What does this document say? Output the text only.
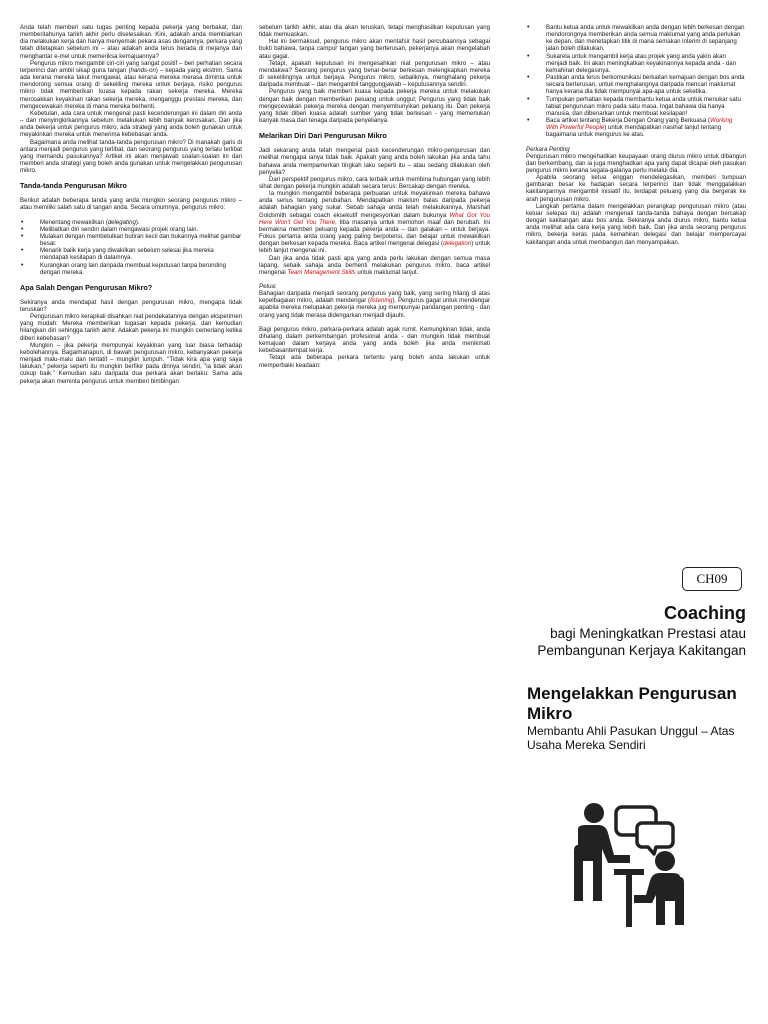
Anda telah memberi satu tugas penting kepada pekerja yang berbakat, dan memberitahunya tarikh akhir perlu diselesaikan. Kini, adakah anda membiarkan dia melakukan kerja dan hanya menyemak pekara asas dengannya, perkara yang telah ditetapkan sebelum ini – atau adakah anda terus berada di mejanya dan menghantar e-mel untuk memeriksa kemajuannya?

Pengurus mikro mengambil ciri-ciri yang sangat positif – beri perhatian secara terperinci dan ambil sikap guna tangan (hands-on) – kepada yang ekstrim. Sama ada kerana mereka takut mengawal, atau kerana mereka merasa diminta untuk mendorong semua orang di sekeliling mereka untuk berjaya, risiko pengurus mikro tidak memberikan kuasa kepada rakan sekerja mereka. Mereka merosakkan keyakinan rakan sekerja mereka, menganggu prestasi mereka, dan mengecewakan mereka di mana mereka berhenti.

Kebetulan, ada cara untuk mengenal pasti kecenderungan ini dalam diri anda – dan menyingkirkannya sebelum melakukan lebih banyak kerosakan. Dan jika anda bekerja untuk pengurus mikro, ada strategi yang anda boleh gunakan untuk meyakinkan mereka untuk menerima kebebasan anda.

Bagaimana anda melihat tanda-tanda pengurusan mikro? Di manakah garis di antara menjadi pengurus yang terlibat, dan seorang pengurus yang terlalu terlibat yang memandu pasukannya? Artikel ini akan menjawab soalan-soalan ini dan memberi anda strategi yang boleh anda gunakan untuk mengelakkan pengurusan mikro.

Tanda-tanda Pengurusan Mikro

Berikut adalah beberapa tanda yang anda mungkin seorang pengurus mikro – atau memiliki salah satu di tangan anda. Secara umumnya, pengurus mikro:

• Menentang mewakilkan (delegating).
• Melibatkan diri sendiri dalam mengawasi projek orang lain.
• Mulakan dengan membetulkan butiran kecil dan bukannya melihat gambar besar.
• Menarik balik kerja yang diwakilkan sebelum selesai jika mereka mendapati kesilapan di dalamnya.
• Kurangkan orang lain daripada membuat keputusan tanpa berunding dengan mereka.
Apa Salah Dengan Pengurusan Mikro?

Sekiranya anda mendapat hasil dengan pengurusan mikro, mengapa tidak teruskan?

Pengurusan mikro kerapkali disahkan niat pendekatannya dengan eksperimen yang mudah: Mereka memberikan tugasan kepada pekerja, dan kemudian hilangkan diri sehingga tarikh akhir. Adakah pekerja ini mungkin cemerlang ketika diberi kebebasan?

Mungkin – jika pekerja mempunyai keyakinan yang luar biasa terhadap kebolehannya. Bagaimanapun, di bawah pengurusan mikro, kebanyakan pekerja menjadi malu-malu dan tentatif – mungkin lumpuh. "Tidak kira apa yang saya lakukan," pekerja seperti itu mungkin berfikir pada dirinya sendiri, "ia tidak akan cukup baik." Kemudian satu daripada dua perkara akan berlaku: Sama ada pekerja akan meminta pengurus untuk memberi bimbingan

sebelum tarikh akhir, atau dia akan teruskan, tetapi menghasilkan keputusan yang tidak memuaskan.

Hal ini bermaksud, pengurus mikro akan mentafsir hasil percubaannya sebagai bukti bahawa, tanpa campur tangan yang berterusan, pekerjanya akan mengelabah atau gagal.

Tetapi, apakah keputusan ini mengesahkan niat pengurusan mikro – atau mendakwa? Seorang pengurus yang benar-benar berkesan melengkapkan mereka di sekelilingnya untuk berjaya. Pengurus mikro, sebaliknya, menghalang pekerja daripada membuat – dan mengambil tanggungjawab – keputusannya sendiri.

Pengurus yang baik memberi kuasa kepada pekerja mereka untuk melakukan dengan baik dengan memberikan peluang untuk unggul; Pengurus yang tidak baik mengecewakan pekerja mereka dengan menyembunyikan peluang itu. Dan pekerja yang tidak diberi kuasa adalah sumber yang tidak berkesan - yang memerlukan banyak masa dan tenaga daripada penyelianya.

Melarikan Diri Dari Pengurusan Mikro

Jadi sekarang anda telah mengenal pasti kecenderungan mikro-pengurusan dan melihat mengapa ianya tidak baik. Apakah yang anda boleh lakukan jika anda tahu bahawa anda mempamerkan tingkah laku seperti itu – atau sedang dilakukan oleh penyelia?

Dari perspektif pengurus mikro, cara terbaik untuk membina hubungan yang lebih sihat dengan pekerja mungkin adalah secara terus: Bercakap dengan mereka.

Ia mungkin mengambil beberapa perbualan untuk meyakinkan mereka bahawa anda serius tentang perubahan. Mendapatkan maklum balas daripada pekerja adalah bahagian yang sukar. Sebab sahaja anda telah melakukannya, Marshall Goldsmith sebagai coach eksekutif mengesyorkan dalam bukunya What Got You Here Won't Get You There, tiba masanya untuk memohon maaf dan berubah. Ini bermakna memberi peluang kepada pekerja anda – dan galakan – untuk berjaya. Fokus pertama anda orang yang paling berpotensi, dan belajar untuk mewakilkan dengan berkesan kepada mereka. Baca artikel mengenai delegasi (delegation) untuk lebih lanjut mengenai ini.

Dan jika anda tidak pasti apa yang anda perlu lakukan dengan semua masa lapang, sebaik sahaja anda berhenti melakukan pengurus mikro, baca artikel mengenai Team Management Skills untuk maklumat lanjut.

Petua:

Bahagian daripada menjadi seorang pengurus yang baik, yang sering hilang di atas kepelbagaian mikro, adalah mendengar (listening). Pengurus gagal untuk mendengar apabila mereka melupakan pekerja mereka jug mempunyai pandangan penting - dan orang yang tidak merasa didengarkan menjadi dijauhi.

Bagi pengurus mikro, perkara-perkara adalah agak rumit. Kemungkinan tidak, anda dihalang dalam perkembangan profesional anda - dan mungkin tidak membuat kemajuan dalam kerjaya anda yang anda boleh jika anda menikmati kebebasantempat kerja.

Tetapi ada beberapa perkara tertentu yang boleh anda lakukan untuk memperbaiki keadaan:

• Bantu ketua anda untuk mewakilkan anda dengan lebih berkesan dengan mendorongnya memberikan anda semua maklumat yang anda perlukan ke depan, dan menetapkan titik di mana semakan interim di sepanjang jalan boleh dilakukan.
• Sukarela untuk mengambil kerja atau projek yang anda yakin akan menjadi baik. Ini akan meningkatkan keyakinannya kepada anda - dan kemahiran delegasinya.
• Pastikan anda terus berkomunikasi berkaitan kemajuan dengan bos anda secara berterusan, untuk menghalangnya daripada mencari maklumat hanya kerana dia tidak mempunyai apa-apa untuk seketika.
• Tumpukan perhatian kepada membantu ketua anda untuk menukar satu tabiat pengurusan mikro pada satu masa. Ingat bahawa dia hanya manusia, dan dibenarkan untuk membuat kesilapan!
• Baca artikel tentang Bekerja Dengan Orang yang Berkuasa (Working With Powerful People) untuk mendapatkan nasihat lanjut tentang bagaimana untuk mengurus ke atas.

Perkara Penting

Pengurusan mikro mengehadkan keupayaan orang diurus mikro untuk dibangun dan berkembang, dan ia juga menghadkan apa yang dapat dicapai oleh pasukan pengurus mikro kerana segala-galanya perlu melalui dia.

Apabila seorang ketua enggan mendelegasikan, memberi tumpuan gambaran besar ke hadapan secara terperinci dan tidak menggalakkan kakitangannya mengambil inisiatif itu, terdapat peluang yang dia bergerak ke arah pengurusan mikro.

Langkah pertama dalam mengelakkan perangkap pengurusan mikro (atau keluar selepas itu) adalah mengenali tanda-tanda bahaya dengan bercakap dengan kakitangan atau bos anda. Sekiranya anda diurus mikro, bantu ketua anda melihat ada cara kerja yang lebih baik. Dan jika anda seorang pengurus mikro, bekerja keras pada kemahiran delegasi dan belajar mempercayai kakitangan anda untuk membangun dan menyampaikan.

CH09
Coaching
bagi Meningkatkan Prestasi atau Pembangunan Kerjaya Kakitangan
Mengelakkan Pengurusan Mikro
Membantu Ahli Pasukan Unggul – Atas Usaha Mereka Sendiri
